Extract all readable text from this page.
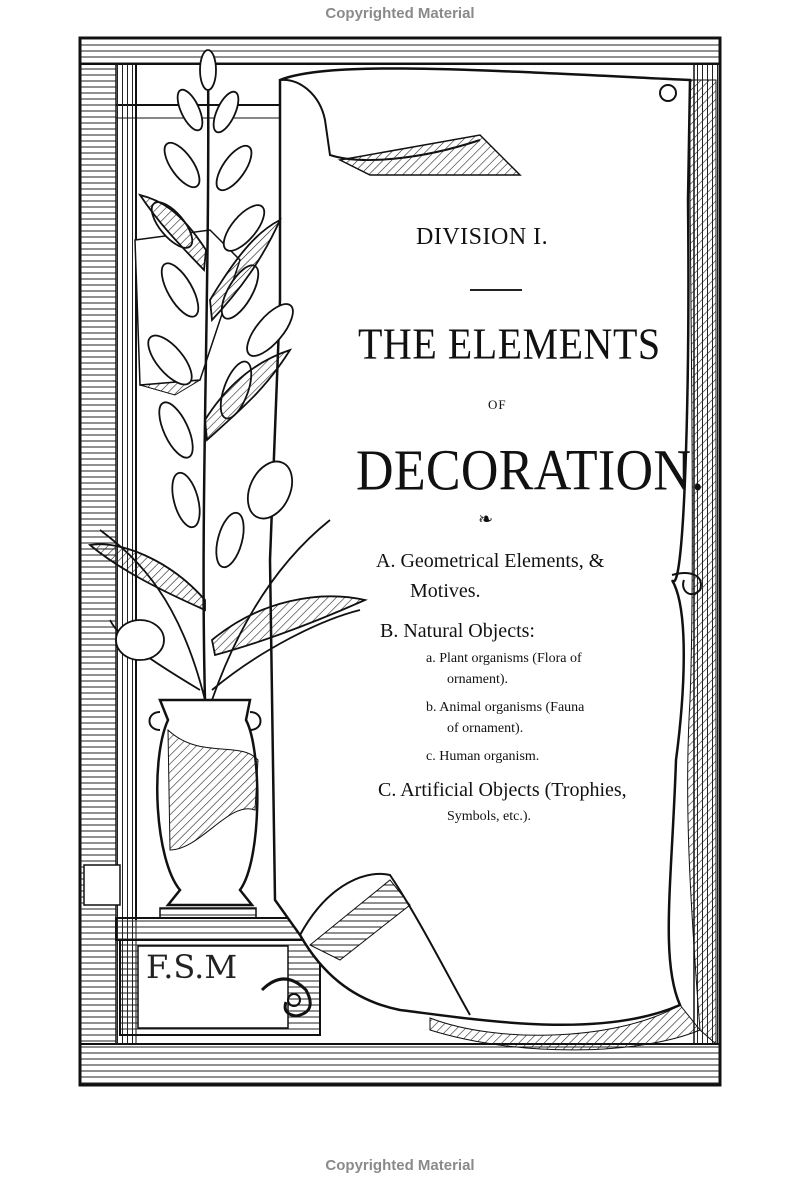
Copyrighted Material
F.S.M
DIVISION I.
THE ELEMENTS
OF
DECORATION.
❧
A. Geometrical Elements, &
Motives.
B. Natural Objects:
a. Plant organisms (Flora of
ornament).
b. Animal organisms (Fauna
of ornament).
c. Human organism.
C. Artificial Objects (Trophies,
Symbols, etc.).
Copyrighted Material
